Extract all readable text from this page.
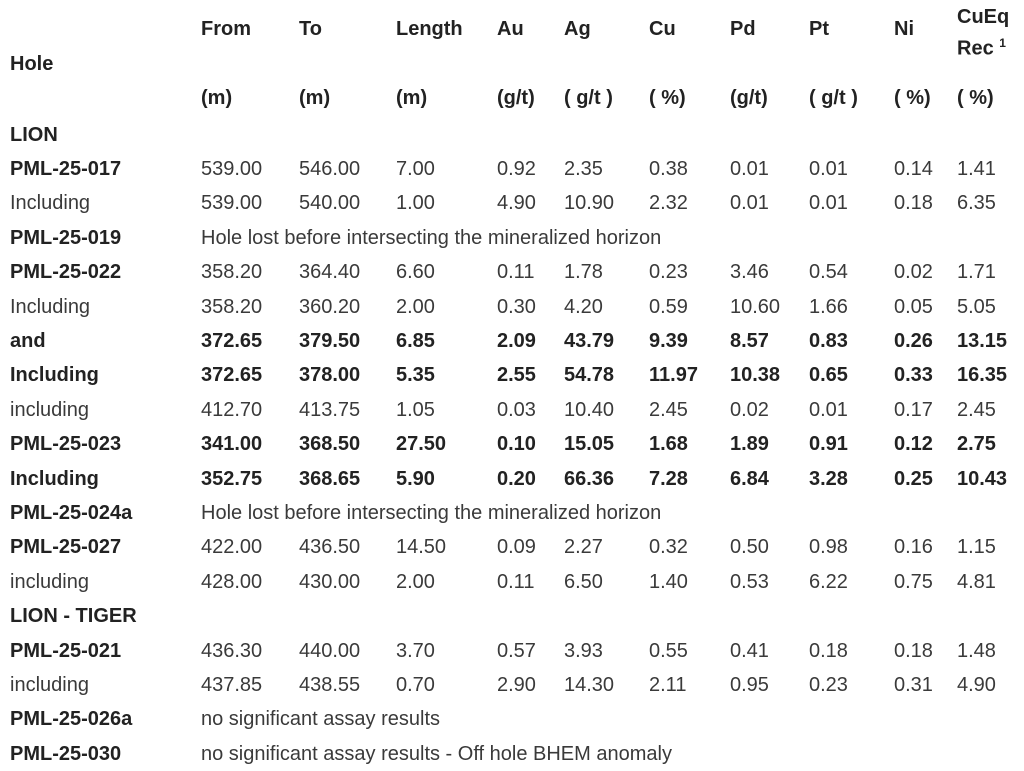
Hole	From	To	Length	Au	Ag	Cu	Pd	Pt	Ni	CuEq
Rec $^1$
	(m)	(m)	(m)	(g/t)	( g/t )	( %)	(g/t)	( g/t )	( %)	( %)
LION										
PML-25-017	539.00	546.00	7.00	0.92	2.35	0.38	0.01	0.01	0.14	1.41
Including	539.00	540.00	1.00	4.90	10.90	2.32	0.01	0.01	0.18	6.35
PML-25-019	Hole lost before intersecting the mineralized horizon									
PML-25-022	358.20	364.40	6.60	0.11	1.78	0.23	3.46	0.54	0.02	1.71
Including	358.20	360.20	2.00	0.30	4.20	0.59	10.60	1.66	0.05	5.05
and	372.65	379.50	6.85	2.09	43.79	9.39	8.57	0.83	0.26	13.15
Including	372.65	378.00	5.35	2.55	54.78	11.97	10.38	0.65	0.33	16.35
including	412.70	413.75	1.05	0.03	10.40	2.45	0.02	0.01	0.17	2.45
PML-25-023	341.00	368.50	27.50	0.10	15.05	1.68	1.89	0.91	0.12	2.75
Including	352.75	368.65	5.90	0.20	66.36	7.28	6.84	3.28	0.25	10.43
PML-25-024a	Hole lost before intersecting the mineralized horizon									
PML-25-027	422.00	436.50	14.50	0.09	2.27	0.32	0.50	0.98	0.16	1.15
including	428.00	430.00	2.00	0.11	6.50	1.40	0.53	6.22	0.75	4.81
LION - TIGER										
PML-25-021	436.30	440.00	3.70	0.57	3.93	0.55	0.41	0.18	0.18	1.48
including	437.85	438.55	0.70	2.90	14.30	2.11	0.95	0.23	0.31	4.90
PML-25-026a	no significant assay results									
PML-25-030	no significant assay results - Off hole BHEM anomaly									
